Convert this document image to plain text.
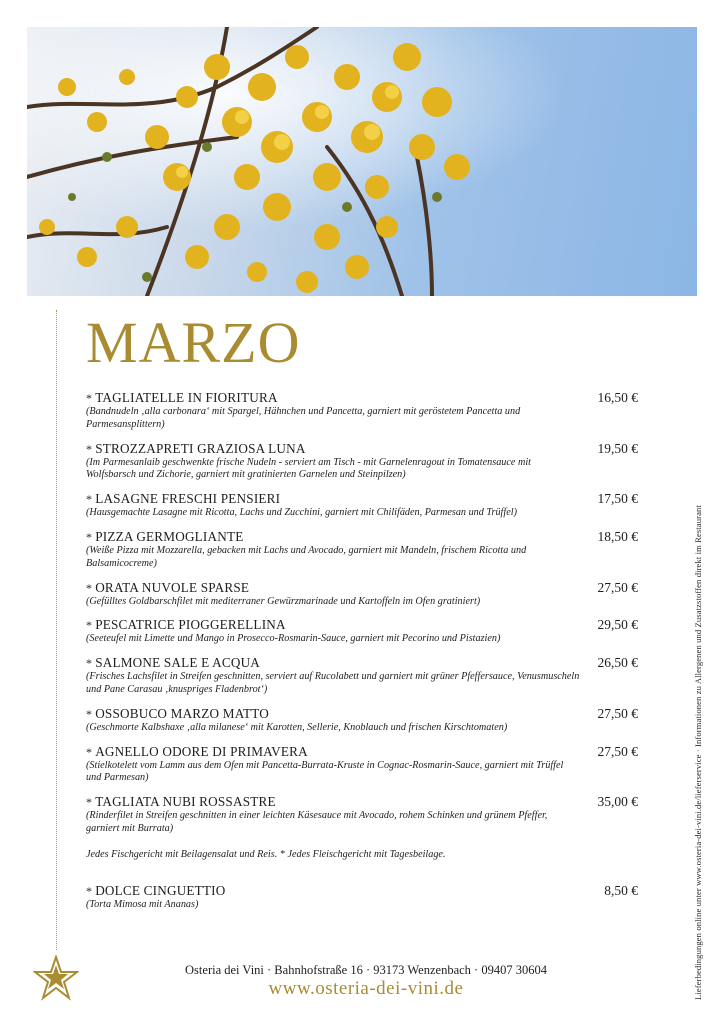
MARZO
* TAGLIATELLE IN FIORITURA
(Bandnudeln ‚alla carbonara‘ mit Spargel, Hähnchen und Pancetta, garniert mit geröstetem Pancetta und Parmesansplittern)
16,50 €
* STROZZAPRETI GRAZIOSA LUNA
(Im Parmesanlaib geschwenkte frische Nudeln - serviert am Tisch - mit Garnelenragout in Tomatensauce mit Wolfsbarsch und Zichorie, garniert mit gratinierten Garnelen und Steinpilzen)
19,50 €
* LASAGNE FRESCHI PENSIERI
(Hausgemachte Lasagne mit Ricotta, Lachs und Zucchini, garniert mit Chilifäden, Parmesan und Trüffel)
17,50 €
* PIZZA GERMOGLIANTE
(Weiße Pizza mit Mozzarella, gebacken mit Lachs und Avocado, garniert mit Mandeln, frischem Ricotta und Balsamicocreme)
18,50 €
* ORATA NUVOLE SPARSE
(Gefülltes Goldbarschfilet mit mediterraner Gewürzmarinade und Kartoffeln im Ofen gratiniert)
27,50 €
* PESCATRICE PIOGGERELLINA
(Seeteufel mit Limette und Mango in Prosecco-Rosmarin-Sauce, garniert mit Pecorino und Pistazien)
29,50 €
* SALMONE SALE E ACQUA
(Frisches Lachsfilet in Streifen geschnitten, serviert auf Rucolabett und garniert mit grüner Pfeffersauce, Venusmuscheln und Pane Carasau ‚knuspriges Fladenbrot‘)
26,50 €
* OSSOBUCO MARZO MATTO
(Geschmorte Kalbshaxe ‚alla milanese‘ mit Karotten, Sellerie, Knoblauch und frischen Kirschtomaten)
27,50 €
* AGNELLO ODORE DI PRIMAVERA
(Stielkotelett vom Lamm aus dem Ofen mit Pancetta-Burrata-Kruste in Cognac-Rosmarin-Sauce, garniert mit Trüffel und Parmesan)
27,50 €
* TAGLIATA NUBI ROSSASTRE
(Rinderfilet in Streifen geschnitten in einer leichten Käsesauce mit Avocado, rohem Schinken und grünem Pfeffer, garniert mit Burrata)
35,00 €
Jedes Fischgericht mit Beilagensalat und Reis. * Jedes Fleischgericht mit Tagesbeilage.
* DOLCE CINGUETTIO
(Torta Mimosa mit Ananas)
8,50 €	Lieferbedingungen online unter www.osteria-dei-vini.de/lieferservice · Informationen zu Allergenen und Zusatzstoffen direkt im Restaurant
Osteria dei Vini · Bahnhofstraße 16 · 93173 Wenzenbach · 09407 30604
www.osteria-dei-vini.de
